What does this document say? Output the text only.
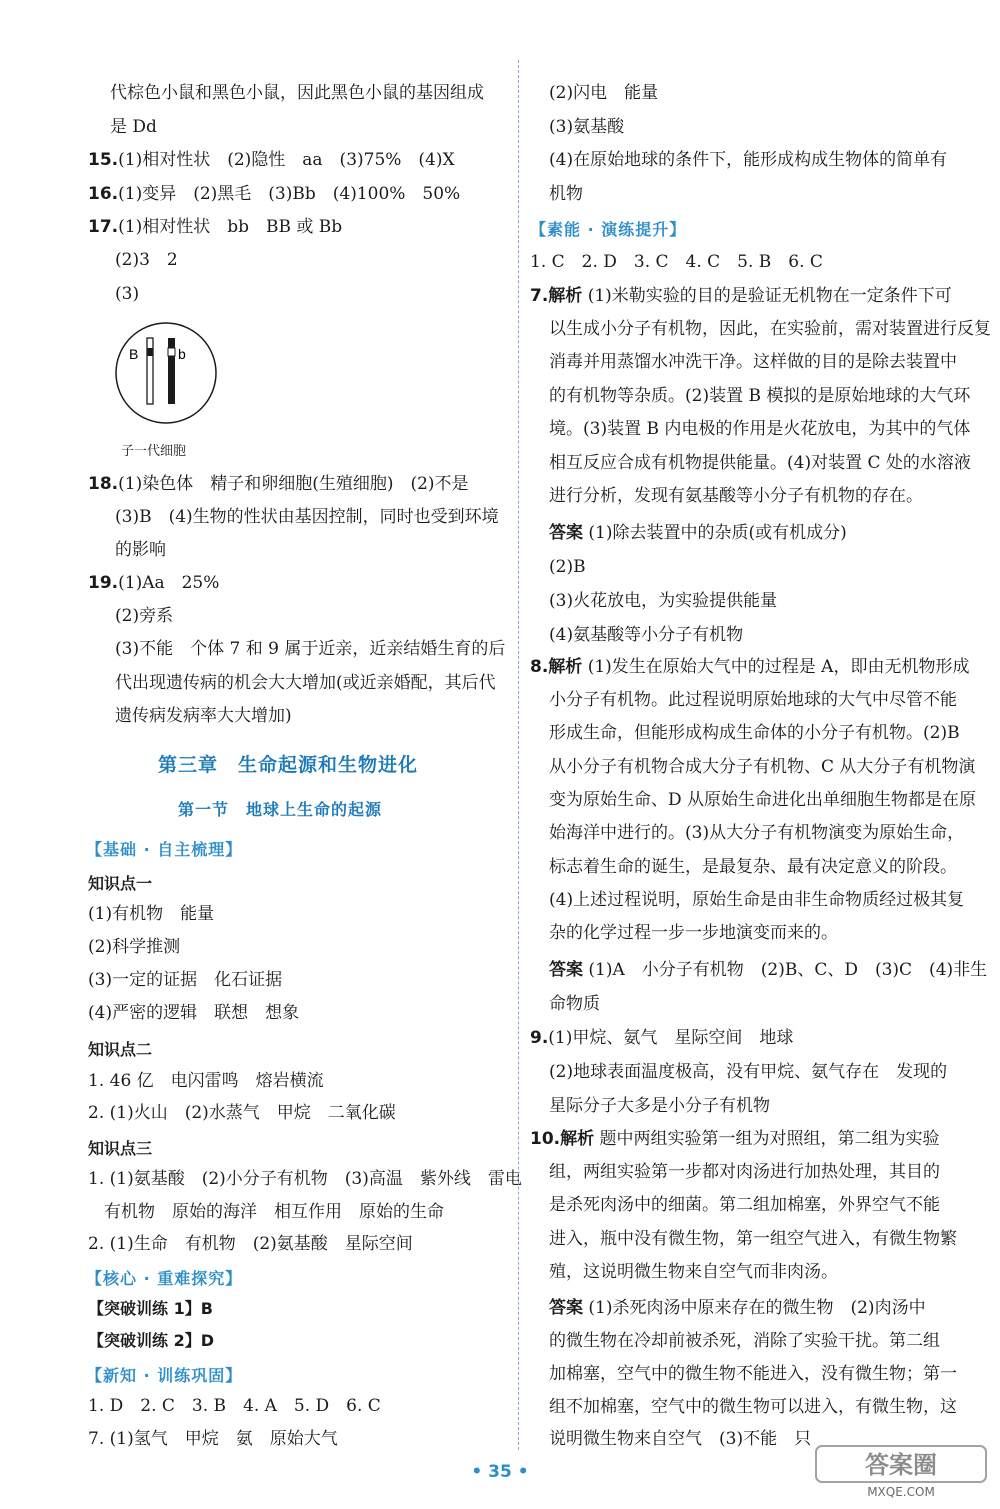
代棕色小鼠和黑色小鼠，因此黑色小鼠的基因组成
是 Dd
15.(1)相对性状　(2)隐性　aa　(3)75%　(4)X
16.(1)变异　(2)黑毛　(3)Bb　(4)100%　50%
17.(1)相对性状　bb　BB 或 Bb
(2)3　2
(3)
B	b
子一代细胞
18.(1)染色体　精子和卵细胞(生殖细胞)　(2)不是
(3)B　(4)生物的性状由基因控制，同时也受到环境
的影响
19.(1)Aa　25%
(2)旁系
(3)不能　个体 7 和 9 属于近亲，近亲结婚生育的后
代出现遗传病的机会大大增加(或近亲婚配，其后代
遗传病发病率大大增加)
第三章　生命起源和生物进化
第一节　地球上生命的起源
【基础 · 自主梳理】
知识点一
(1)有机物　能量
(2)科学推测
(3)一定的证据　化石证据
(4)严密的逻辑　联想　想象
知识点二
1. 46 亿　电闪雷鸣　熔岩横流
2. (1)火山　(2)水蒸气　甲烷　二氧化碳
知识点三
1. (1)氨基酸　(2)小分子有机物　(3)高温　紫外线　雷电
有机物　原始的海洋　相互作用　原始的生命
2. (1)生命　有机物　(2)氨基酸　星际空间
【核心 · 重难探究】
【突破训练 1】B
【突破训练 2】D
【新知 · 训练巩固】
1. D　2. C　3. B　4. A　5. D　6. C
7. (1)氢气　甲烷　氨　原始大气
(2)闪电　能量
(3)氨基酸
(4)在原始地球的条件下，能形成构成生物体的简单有
机物
【素能 · 演练提升】
1. C　2. D　3. C　4. C　5. B　6. C
7.解析 (1)米勒实验的目的是验证无机物在一定条件下可
以生成小分子有机物，因此，在实验前，需对装置进行反复
消毒并用蒸馏水冲洗干净。这样做的目的是除去装置中
的有机物等杂质。(2)装置 B 模拟的是原始地球的大气环
境。(3)装置 B 内电极的作用是火花放电，为其中的气体
相互反应合成有机物提供能量。(4)对装置 C 处的水溶液
进行分析，发现有氨基酸等小分子有机物的存在。
答案 (1)除去装置中的杂质(或有机成分)
(2)B
(3)火花放电，为实验提供能量
(4)氨基酸等小分子有机物
8.解析 (1)发生在原始大气中的过程是 A，即由无机物形成
小分子有机物。此过程说明原始地球的大气中尽管不能
形成生命，但能形成构成生命体的小分子有机物。(2)B
从小分子有机物合成大分子有机物、C 从大分子有机物演
变为原始生命、D 从原始生命进化出单细胞生物都是在原
始海洋中进行的。(3)从大分子有机物演变为原始生命，
标志着生命的诞生，是最复杂、最有决定意义的阶段。
(4)上述过程说明，原始生命是由非生命物质经过极其复
杂的化学过程一步一步地演变而来的。
答案 (1)A　小分子有机物　(2)B、C、D　(3)C　(4)非生
命物质
9.(1)甲烷、氨气　星际空间　地球
(2)地球表面温度极高，没有甲烷、氨气存在　发现的
星际分子大多是小分子有机物
10.解析 题中两组实验第一组为对照组，第二组为实验
组，两组实验第一步都对肉汤进行加热处理，其目的
是杀死肉汤中的细菌。第二组加棉塞，外界空气不能
进入，瓶中没有微生物，第一组空气进入，有微生物繁
殖，这说明微生物来自空气而非肉汤。
答案 (1)杀死肉汤中原来存在的微生物　(2)肉汤中
的微生物在冷却前被杀死，消除了实验干扰。第二组
加棉塞，空气中的微生物不能进入，没有微生物；第一
组不加棉塞，空气中的微生物可以进入，有微生物，这
说明微生物来自空气　(3)不能　只
• 35 •	答案圈
MXQE.COM
